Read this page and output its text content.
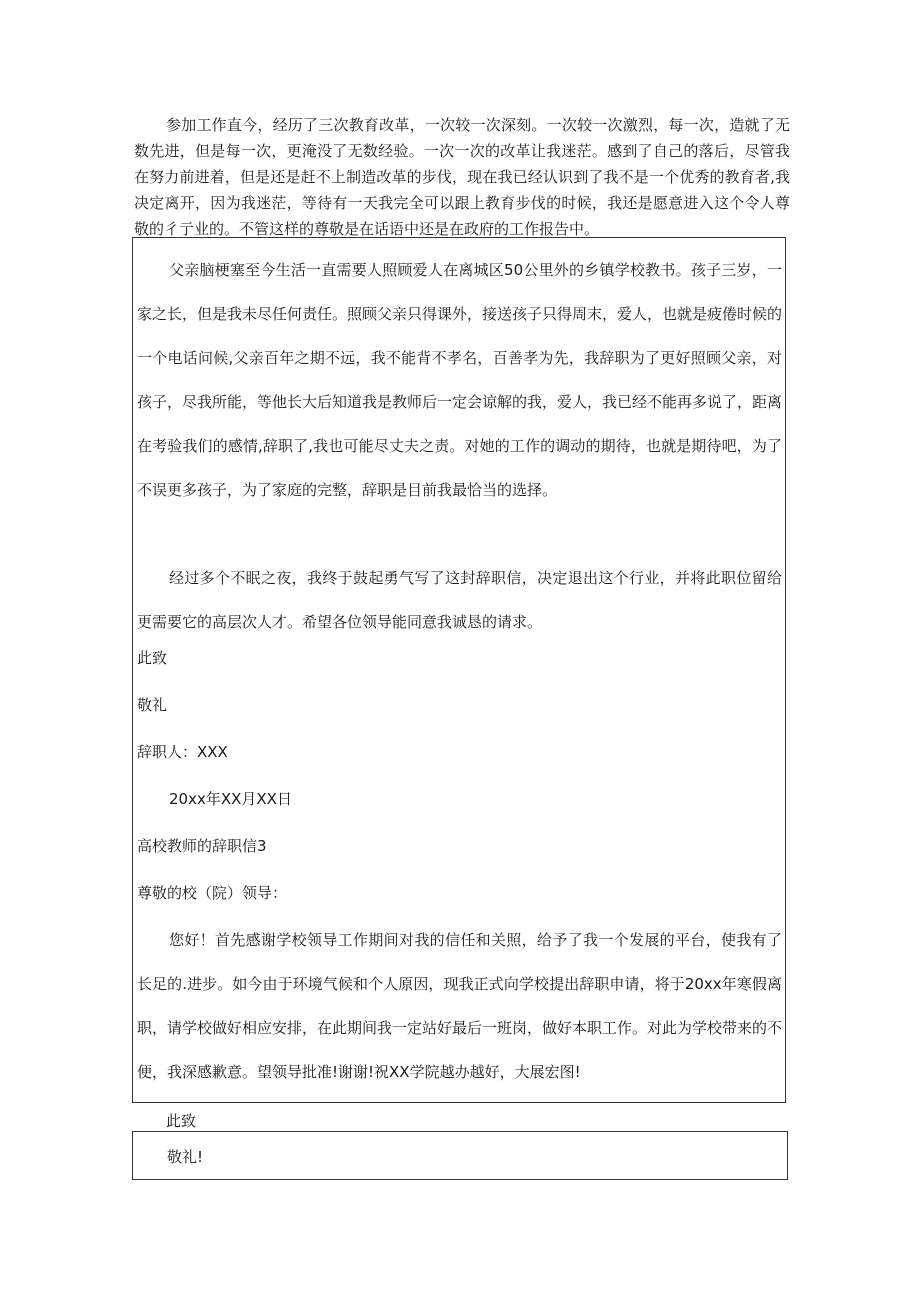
参加工作直今，经历了三次教育改革，一次较一次深刻。一次较一次激烈，每一次，造就了无数先进，但是每一次，更淹没了无数经验。一次一次的改革让我迷茫。感到了自己的落后，尽管我在努力前进着，但是还是赶不上制造改革的步伐，现在我已经认识到了我不是一个优秀的教育者,我决定离开，因为我迷茫，等待有一天我完全可以跟上教育步伐的时候，我还是愿意进入这个令人尊敬的彳亍业的。不管这样的尊敬是在话语中还是在政府的工作报告中。

父亲脑梗塞至今生活一直需要人照顾爱人在离城区50公里外的乡镇学校教书。孩子三岁，一家之长，但是我未尽任何责任。照顾父亲只得课外，接送孩子只得周末，爱人，也就是疲倦时候的一个电话问候,父亲百年之期不远，我不能背不孝名，百善孝为先，我辞职为了更好照顾父亲，对孩子，尽我所能，等他长大后知道我是教师后一定会谅解的我，爱人，我已经不能再多说了，距离在考验我们的感情,辞职了,我也可能尽丈夫之责。对她的工作的调动的期待，也就是期待吧，为了不误更多孩子，为了家庭的完整，辞职是目前我最恰当的选择。

经过多个不眠之夜，我终于鼓起勇气写了这封辞职信，决定退出这个行业，并将此职位留给更需要它的高层次人才。希望各位领导能同意我诚恳的请求。

此致
敬礼
辞职人：XXX
20xx年XX月XX日
高校教师的辞职信3
尊敬的校（院）领导：

您好！首先感谢学校领导工作期间对我的信任和关照，给予了我一个发展的平台，使我有了长足的.进步。如今由于环境气候和个人原因，现我正式向学校提出辞职申请，将于20xx年寒假离职，请学校做好相应安排，在此期间我一定站好最后一班岗，做好本职工作。对此为学校带来的不便，我深感歉意。望领导批准!谢谢!祝XX学院越办越好，大展宏图!

此致
敬礼!
